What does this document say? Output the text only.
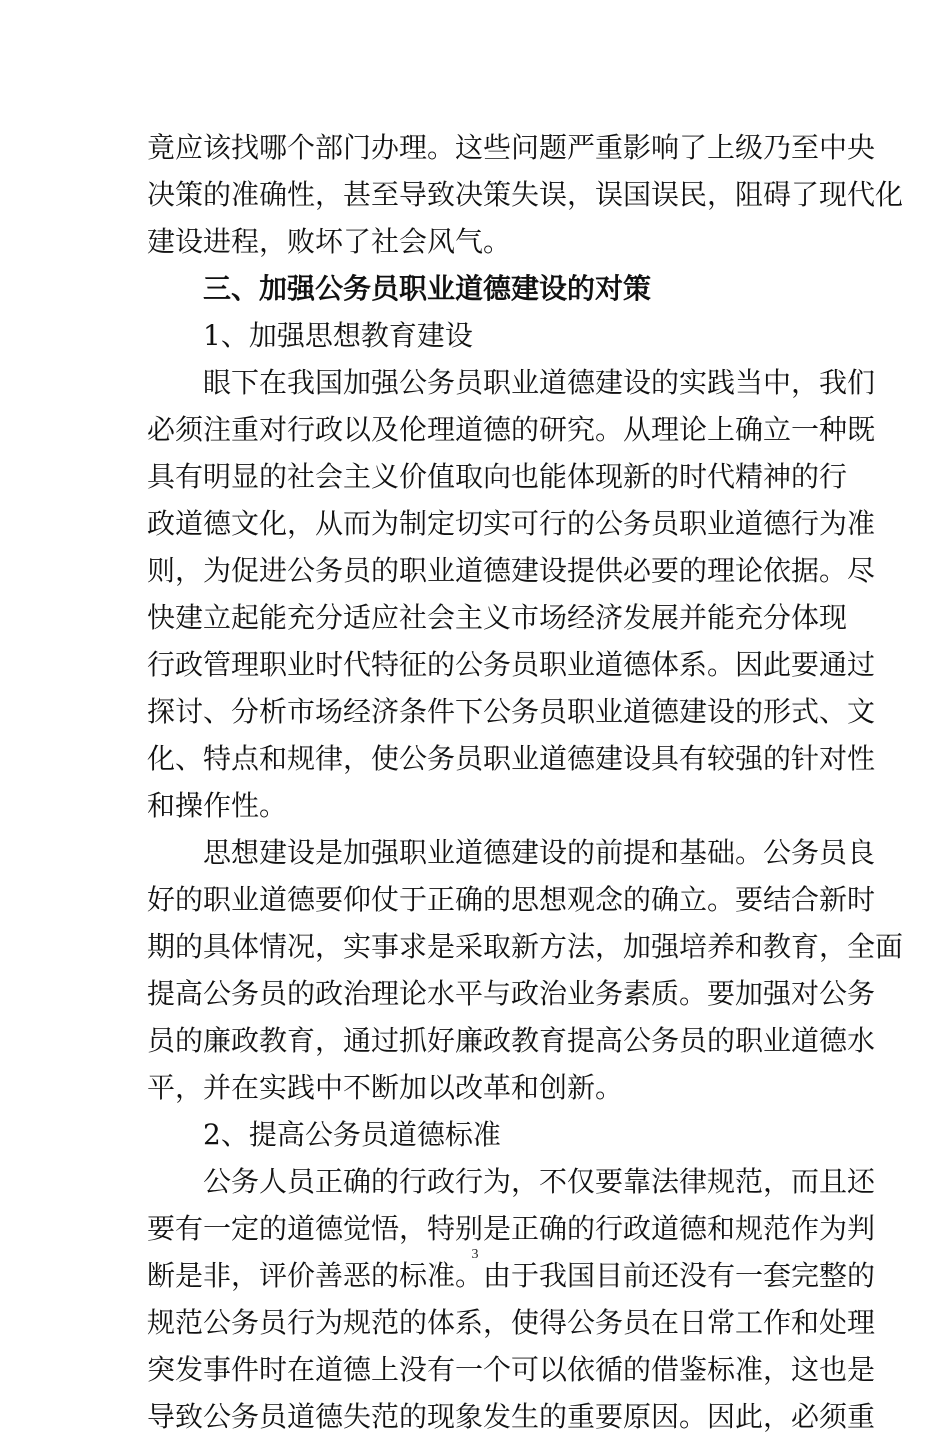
竟应该找哪个部门办理。这些问题严重影响了上级乃至中央
决策的准确性，甚至导致决策失误，误国误民，阻碍了现代化
建设进程，败坏了社会风气。
三、加强公务员职业道德建设的对策
1、加强思想教育建设
眼下在我国加强公务员职业道德建设的实践当中，我们
必须注重对行政以及伦理道德的研究。从理论上确立一种既
具有明显的社会主义价值取向也能体现新的时代精神的行
政道德文化，从而为制定切实可行的公务员职业道德行为准
则，为促进公务员的职业道德建设提供必要的理论依据。尽
快建立起能充分适应社会主义市场经济发展并能充分体现
行政管理职业时代特征的公务员职业道德体系。因此要通过
探讨、分析市场经济条件下公务员职业道德建设的形式、文
化、特点和规律，使公务员职业道德建设具有较强的针对性
和操作性。
思想建设是加强职业道德建设的前提和基础。公务员良
好的职业道德要仰仗于正确的思想观念的确立。要结合新时
期的具体情况，实事求是采取新方法，加强培养和教育，全面
提高公务员的政治理论水平与政治业务素质。要加强对公务
员的廉政教育，通过抓好廉政教育提高公务员的职业道德水
平，并在实践中不断加以改革和创新。
2、提高公务员道德标准
公务人员正确的行政行为，不仅要靠法律规范，而且还
要有一定的道德觉悟，特别是正确的行政道德和规范作为判
断是非，评价善恶的标准。由于我国目前还没有一套完整的
规范公务员行为规范的体系，使得公务员在日常工作和处理
突发事件时在道德上没有一个可以依循的借鉴标准，这也是
导致公务员道德失范的现象发生的重要原因。因此，必须重
3
